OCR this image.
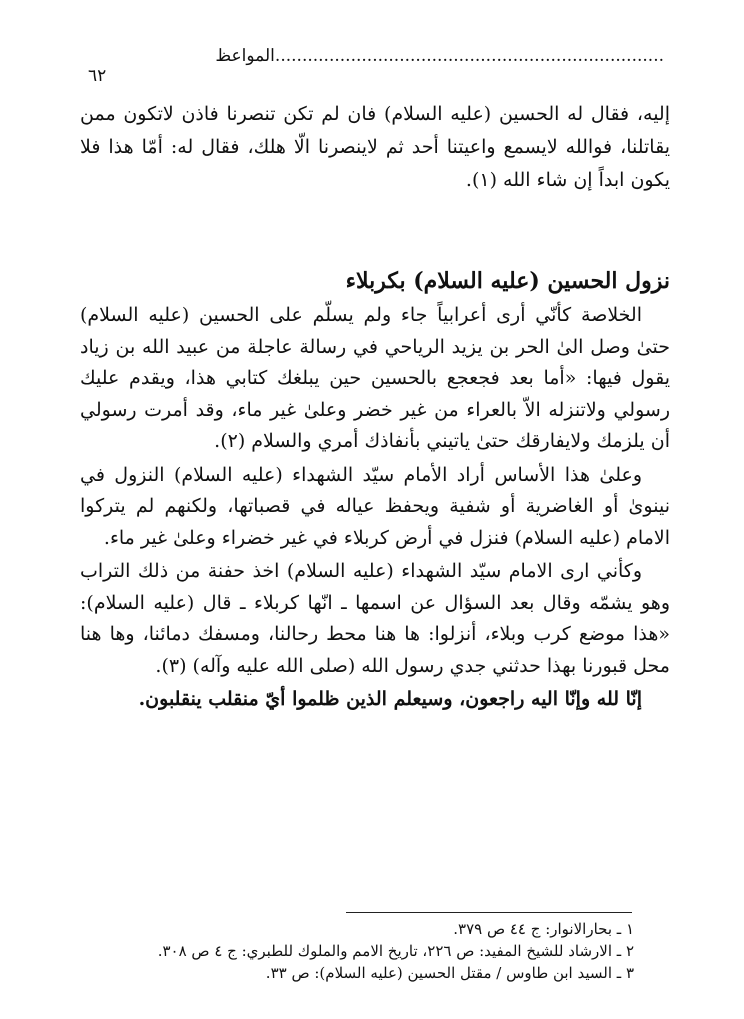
المواعظ........................................................................
٦٢

إليه، فقال له الحسين (عليه السلام) فان لم تكن تنصرنا فاذن لاتكون ممن يقاتلنا، فوالله لايسمع واعيتنا أحد ثم لاينصرنا الّا هلك، فقال له: أمّا هذا فلا يكون ابداً إن شاء الله (١).

نزول الحسين (عليه السلام) بكربلاء

الخلاصة كأنّي أرى أعرابياً جاء ولم يسلّم على الحسين (عليه السلام) حتىٰ وصل الىٰ الحر بن يزيد الرياحي في رسالة عاجلة من عبيد الله بن زياد يقول فيها: «أما بعد فجعجع بالحسين حين يبلغك كتابي هذا، ويقدم عليك رسولي ولاتنزله الاّ بالعراء من غير خضر وعلىٰ غير ماء، وقد أمرت رسولي أن يلزمك ولايفارقك حتىٰ ياتيني بأنفاذك أمري والسلام (٢).

وعلىٰ هذا الأساس أراد الأمام سيّد الشهداء (عليه السلام) النزول في نينوىٰ أو الغاضرية أو شفية ويحفظ عياله في قصباتها، ولكنهم لم يتركوا الامام (عليه السلام) فنزل في أرض كربلاء في غير خضراء وعلىٰ غير ماء.

وكأني ارى الامام سيّد الشهداء (عليه السلام) اخذ حفنة من ذلك التراب وهو يشمّه وقال بعد السؤال عن اسمها ـ انّها كربلاء ـ قال (عليه السلام): «هذا موضع كرب وبلاء، أنزلوا: ها هنا محط رحالنا، ومسفك دمائنا، وها هنا محل قبورنا بهذا حدثني جدي رسول الله (صلى الله عليه وآله) (٣).

إنّا لله وإنّا اليه راجعون، وسيعلم الذين ظلموا أيّ منقلب ينقلبون.

١ ـ بحارالانوار: ج ٤٤ ص ٣٧٩.
٢ ـ الارشاد للشيخ المفيد: ص ٢٢٦، تاريخ الامم والملوك للطبري: ج ٤ ص ٣٠٨.
٣ ـ السيد ابن طاوس / مقتل الحسين (عليه السلام): ص ٣٣.
